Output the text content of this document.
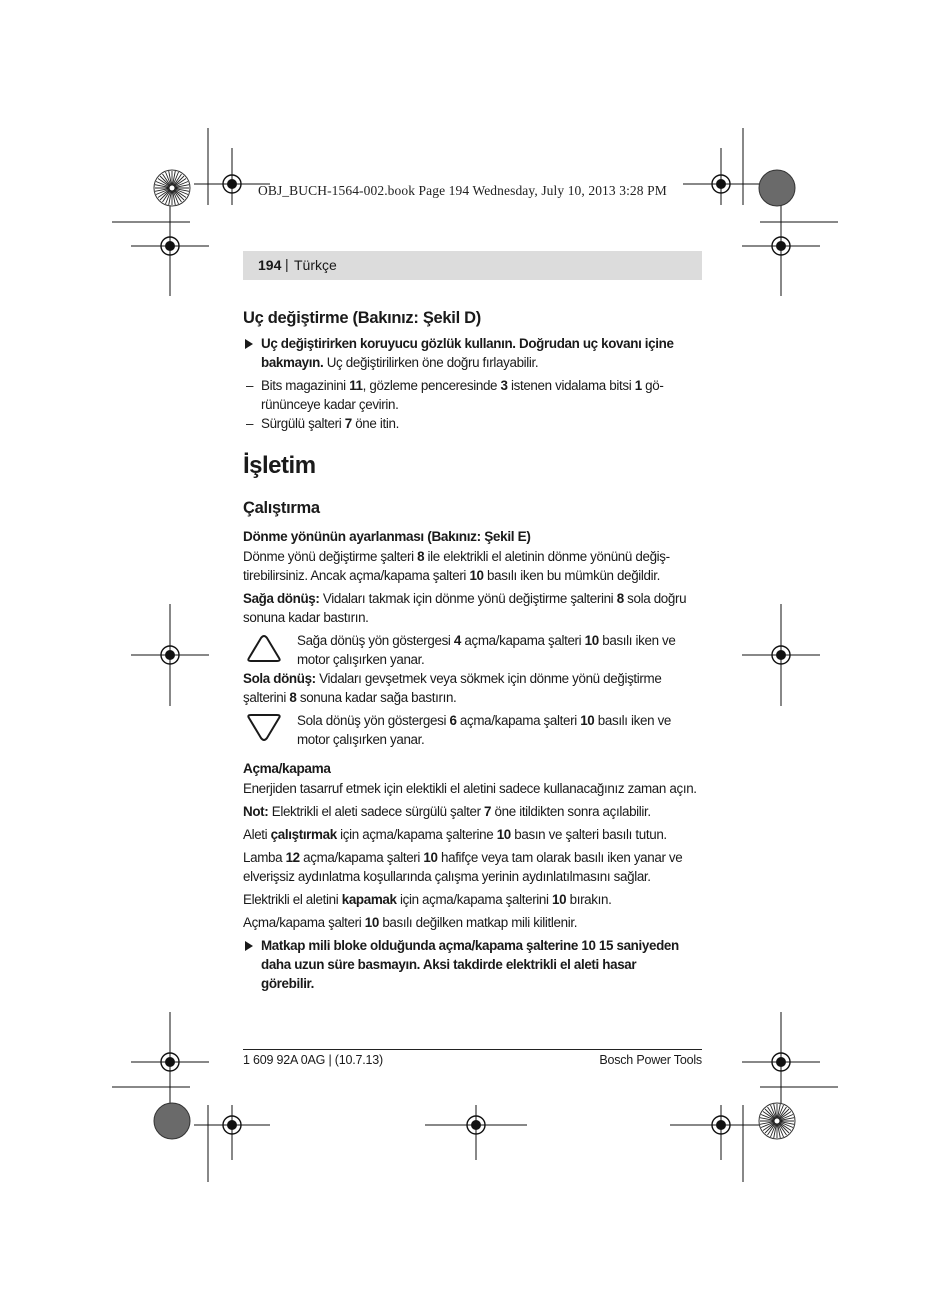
OBJ_BUCH-1564-002.book Page 194 Wednesday, July 10, 2013 3:28 PM
194 | Türkçe
Uç değiştirme (Bakınız: Şekil D)

Uç değiştirirken koruyucu gözlük kullanın. Doğrudan uç kovanı içine bakmayın. Uç değiştirilirken öne doğru fırlayabilir.

– Bits magazinini 11, gözleme penceresinde 3 istenen vidalama bitsi 1 görününceye kadar çevirin.

– Sürgülü şalteri 7 öne itin.

İşletim
Çalıştırma
Dönme yönünün ayarlanması (Bakınız: Şekil E)

Dönme yönü değiştirme şalteri 8 ile elektrikli el aletinin dönme yönünü değiştirebilirsiniz. Ancak açma/kapama şalteri 10 basılı iken bu mümkün değildir.

Sağa dönüş: Vidaları takmak için dönme yönü değiştirme şalterini 8 sola doğru sonuna kadar bastırın.

Sağa dönüş yön göstergesi 4 açma/kapama şalteri 10 basılı iken ve motor çalışırken yanar.

Sola dönüş: Vidaları gevşetmek veya sökmek için dönme yönü değiştirme şalterini 8 sonuna kadar sağa bastırın.

Sola dönüş yön göstergesi 6 açma/kapama şalteri 10 basılı iken ve motor çalışırken yanar.
Açma/kapama

Enerjiden tasarruf etmek için elektikli el aletini sadece kullanacağınız zaman açın.

Not: Elektrikli el aleti sadece sürgülü şalter 7 öne itildikten sonra açılabilir.

Aleti çalıştırmak için açma/kapama şalterine 10 basın ve şalteri basılı tutun.

Lamba 12 açma/kapama şalteri 10 hafifçe veya tam olarak basılı iken yanar ve elverişsiz aydınlatma koşullarında çalışma yerinin aydınlatılmasını sağlar.

Elektrikli el aletini kapamak için açma/kapama şalterini 10 bırakın.

Açma/kapama şalteri 10 basılı değilken matkap mili kilitlenir.

Matkap mili bloke olduğunda açma/kapama şalterine 10 15 saniyeden daha uzun süre basmayın. Aksi takdirde elektrikli el aleti hasar görebilir.

1 609 92A 0AG | (10.7.13)	Bosch Power Tools
